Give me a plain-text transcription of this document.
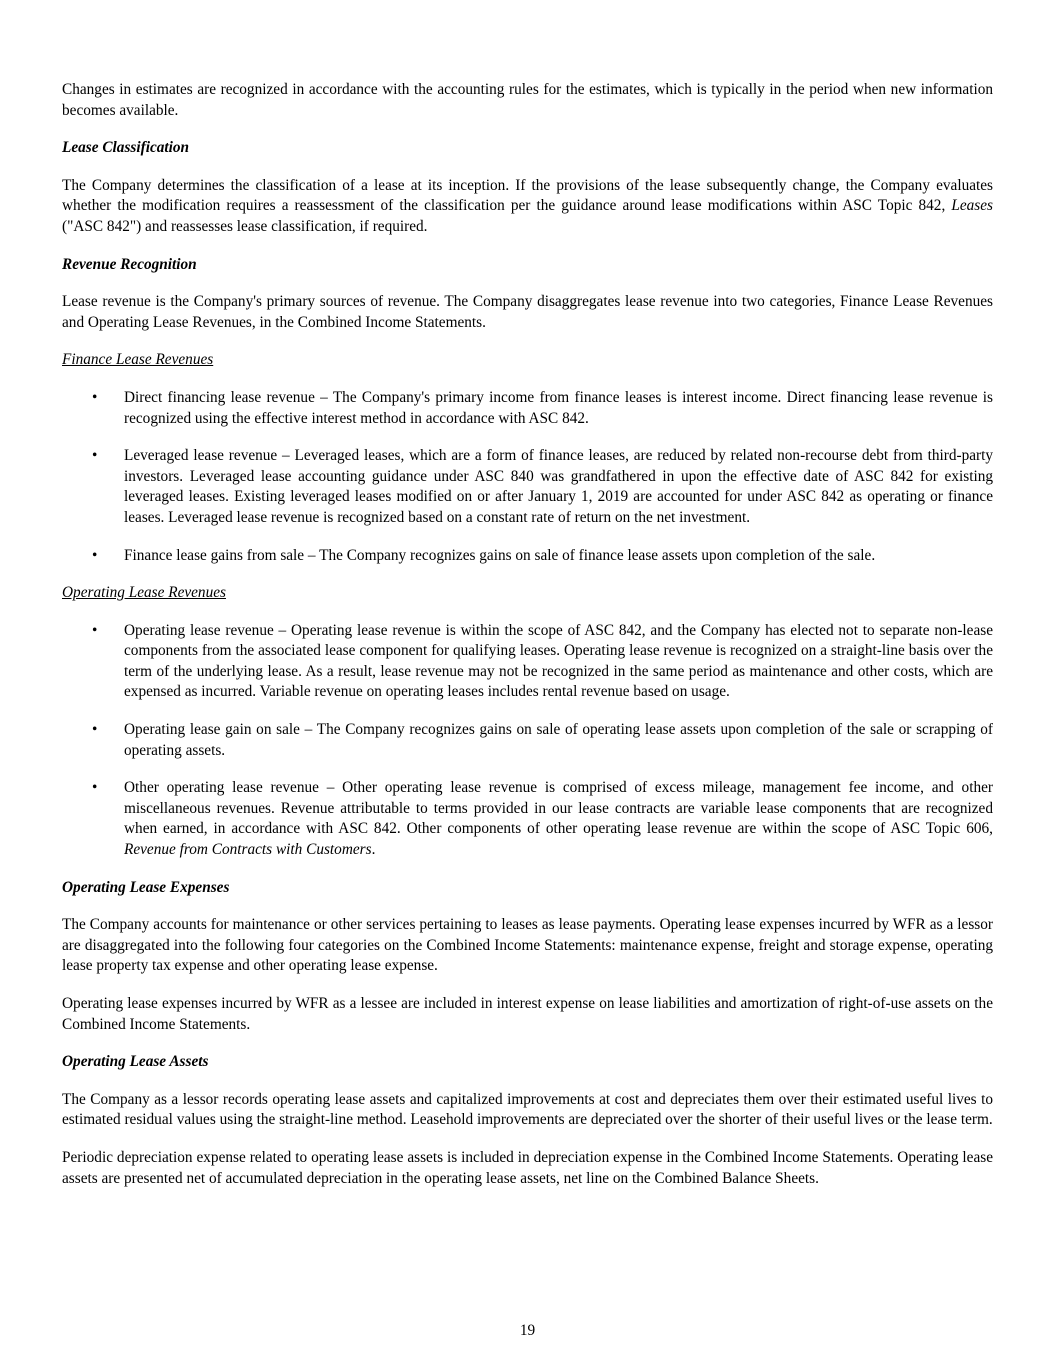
Changes in estimates are recognized in accordance with the accounting rules for the estimates, which is typically in the period when new information becomes available.

Lease Classification

The Company determines the classification of a lease at its inception. If the provisions of the lease subsequently change, the Company evaluates whether the modification requires a reassessment of the classification per the guidance around lease modifications within ASC Topic 842, Leases ("ASC 842") and reassesses lease classification, if required.

Revenue Recognition

Lease revenue is the Company's primary sources of revenue. The Company disaggregates lease revenue into two categories, Finance Lease Revenues and Operating Lease Revenues, in the Combined Income Statements.

Finance Lease Revenues
• Direct financing lease revenue – The Company's primary income from finance leases is interest income. Direct financing lease revenue is recognized using the effective interest method in accordance with ASC 842.
• Leveraged lease revenue – Leveraged leases, which are a form of finance leases, are reduced by related non-recourse debt from third-party investors. Leveraged lease accounting guidance under ASC 840 was grandfathered in upon the effective date of ASC 842 for existing leveraged leases. Existing leveraged leases modified on or after January 1, 2019 are accounted for under ASC 842 as operating or finance leases. Leveraged lease revenue is recognized based on a constant rate of return on the net investment.
• Finance lease gains from sale – The Company recognizes gains on sale of finance lease assets upon completion of the sale.
Operating Lease Revenues
• Operating lease revenue – Operating lease revenue is within the scope of ASC 842, and the Company has elected not to separate non-lease components from the associated lease component for qualifying leases. Operating lease revenue is recognized on a straight-line basis over the term of the underlying lease. As a result, lease revenue may not be recognized in the same period as maintenance and other costs, which are expensed as incurred. Variable revenue on operating leases includes rental revenue based on usage.
• Operating lease gain on sale – The Company recognizes gains on sale of operating lease assets upon completion of the sale or scrapping of operating assets.
• Other operating lease revenue – Other operating lease revenue is comprised of excess mileage, management fee income, and other miscellaneous revenues. Revenue attributable to terms provided in our lease contracts are variable lease components that are recognized when earned, in accordance with ASC 842. Other components of other operating lease revenue are within the scope of ASC Topic 606, Revenue from Contracts with Customers.
Operating Lease Expenses

The Company accounts for maintenance or other services pertaining to leases as lease payments. Operating lease expenses incurred by WFR as a lessor are disaggregated into the following four categories on the Combined Income Statements: maintenance expense, freight and storage expense, operating lease property tax expense and other operating lease expense.

Operating lease expenses incurred by WFR as a lessee are included in interest expense on lease liabilities and amortization of right-of-use assets on the Combined Income Statements.

Operating Lease Assets

The Company as a lessor records operating lease assets and capitalized improvements at cost and depreciates them over their estimated useful lives to estimated residual values using the straight-line method. Leasehold improvements are depreciated over the shorter of their useful lives or the lease term.

Periodic depreciation expense related to operating lease assets is included in depreciation expense in the Combined Income Statements. Operating lease assets are presented net of accumulated depreciation in the operating lease assets, net line on the Combined Balance Sheets.

19
